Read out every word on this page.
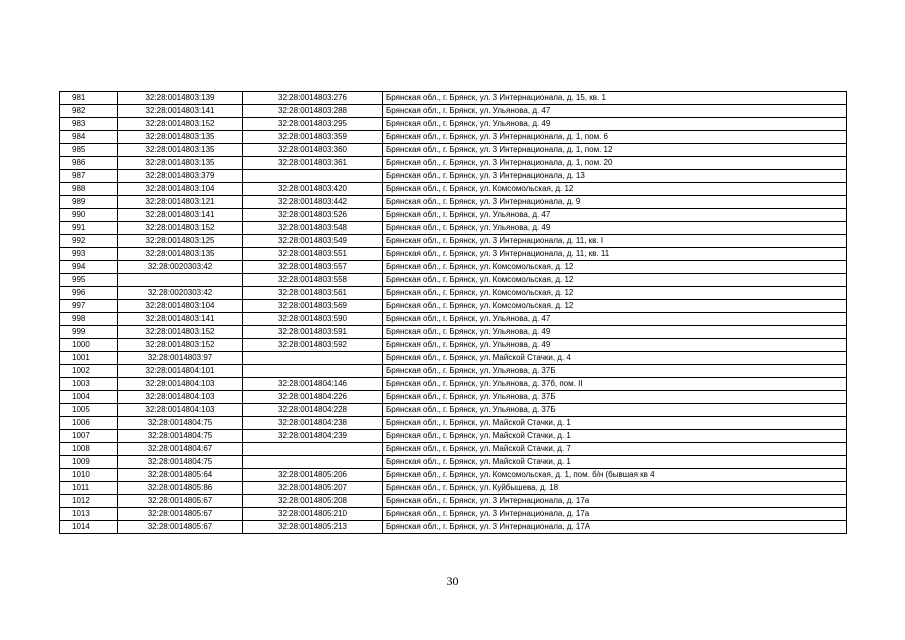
981	32:28:0014803:139	32:28:0014803:276	Брянская обл., г. Брянск, ул. 3 Интернационала, д. 15, кв. 1
982	32:28:0014803:141	32:28:0014803:288	Брянская обл., г. Брянск, ул. Ульянова, д. 47
983	32:28:0014803:152	32:28:0014803:295	Брянская обл., г. Брянск, ул. Ульянова, д. 49
984	32:28:0014803:135	32:28:0014803:359	Брянская обл., г. Брянск, ул. 3 Интернационала, д. 1, пом. 6
985	32:28:0014803:135	32:28:0014803:360	Брянская обл., г. Брянск, ул. 3 Интернационала, д. 1, пом. 12
986	32:28:0014803:135	32:28:0014803:361	Брянская обл., г. Брянск, ул. 3 Интернационала, д. 1, пом. 20
987	32:28:0014803:379		Брянская обл., г. Брянск, ул. 3 Интернационала, д. 13
988	32:28:0014803:104	32:28:0014803:420	Брянская обл., г. Брянск, ул. Комсомольская, д. 12
989	32:28:0014803:121	32:28:0014803:442	Брянская обл., г. Брянск, ул. 3 Интернационала, д. 9
990	32:28:0014803:141	32:28:0014803:526	Брянская обл., г. Брянск, ул. Ульянова, д. 47
991	32:28:0014803:152	32:28:0014803:548	Брянская обл., г. Брянск, ул. Ульянова, д. 49
992	32:28:0014803:125	32:28:0014803:549	Брянская обл., г. Брянск, ул. 3 Интернационала, д. 11, кв. I
993	32:28:0014803:135	32:28:0014803:551	Брянская обл., г. Брянск, ул. 3 Интернационала, д. 11, кв. 11
994	32:28:0020303:42	32:28:0014803:557	Брянская обл., г. Брянск, ул. Комсомольская, д. 12
995		32:28:0014803:558	Брянская обл., г. Брянск, ул. Комсомольская, д. 12
996	32:28:0020303:42	32:28:0014803:561	Брянская обл., г. Брянск, ул. Комсомольская, д. 12
997	32:28:0014803:104	32:28:0014803:569	Брянская обл., г. Брянск, ул. Комсомольская, д. 12
998	32:28:0014803:141	32:28:0014803:590	Брянская обл., г. Брянск, ул. Ульянова, д. 47
999	32:28:0014803:152	32:28:0014803:591	Брянская обл., г. Брянск, ул. Ульянова, д. 49
1000	32:28:0014803:152	32:28:0014803:592	Брянская обл., г. Брянск, ул. Ульянова, д. 49
1001	32:28:0014803:97		Брянская обл., г. Брянск, ул. Майской Стачки, д. 4
1002	32:28:0014804:101		Брянская обл., г. Брянск, ул. Ульянова, д. 37Б
1003	32:28:0014804:103	32:28:0014804:146	Брянская обл., г. Брянск, ул. Ульянова, д. 37б, пом. II
1004	32:28:0014804:103	32:28:0014804:226	Брянская обл., г. Брянск, ул. Ульянова, д. 37Б
1005	32:28:0014804:103	32:28:0014804:228	Брянская обл., г. Брянск, ул. Ульянова, д. 37Б
1006	32:28:0014804:75	32:28:0014804:238	Брянская обл., г. Брянск, ул. Майской Стачки, д. 1
1007	32:28:0014804:75	32:28:0014804:239	Брянская обл., г. Брянск, ул. Майской Стачки, д. 1
1008	32:28:0014804:67		Брянская обл., г. Брянск, ул. Майской Стачки, д. 7
1009	32:28:0014804:75		Брянская обл., г. Брянск, ул. Майской Стачки, д. 1
1010	32:28:0014805:64	32:28:0014805:206	Брянская обл., г. Брянск, ул. Комсомольская, д. 1, пом. б/н (бывшая кв 4
1011	32:28:0014805:86	32:28:0014805:207	Брянская обл., г. Брянск, ул. Куйбышева, д. 18
1012	32:28:0014805:67	32:28:0014805:208	Брянская обл., г. Брянск, ул. 3 Интернационала, д. 17а
1013	32:28:0014805:67	32:28:0014805:210	Брянская обл., г. Брянск, ул. 3 Интернационала, д. 17а
1014	32:28:0014805:67	32:28:0014805:213	Брянская обл., г. Брянск, ул. 3 Интернационала, д. 17А
30
